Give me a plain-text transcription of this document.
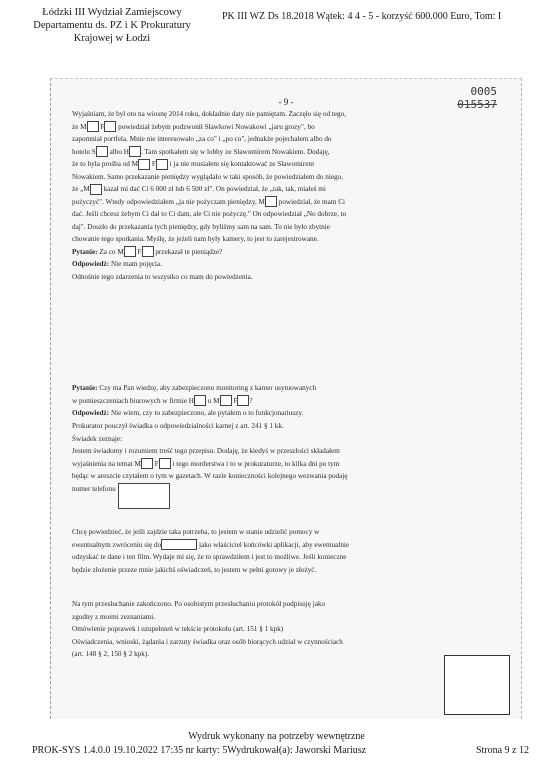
Łódzki III Wydział Zamiejscowy
Departamentu ds. PZ i K Prokuratury
Krajowej w Łodzi
PK III WZ Ds 18.2018 Wątek: 4 4 - 5 - korzyść 600.000 Euro, Tom: I
0005
015537
- 9 -

Wyjaśniam, że był oto na wiosnę 2014 roku, dokładnie daty nie pamiętam. Zaczęło się od tego,

że M F powiedział żebym podzwonił Sławkowi Nowakowi „jaru grozy", bo

zapomniał portfela. Mnie nie interesowało „za co" i „po co", jednakże pojechałem albo do

hotelu S albo H . Tam spotkałem się w lobby ze Sławomirem Nowakiem. Dodaję,

że to była prośba od M F i ja nie musiałem się kontaktować ze Sławomirem

Nowakiem. Samo przekazanie pieniędzy wyglądało w taki sposób, że powiedziałem do niego,

że „M kazał mi dać Ci 6 000 zł lub 6 500 zł". On powiedział, że „tak, tak, miałeś mi

pożyczyć". Wtedy odpowiedziałem „ja nie pożyczam pieniędzy, M powiedział, że mam Ci

dać. Jeśli chcesz żebym Ci dał to Ci dam, ale Ci nie pożyczę." On odpowiedział „No dobrze, to

daj". Doszło do przekazania tych pieniędzy, gdy byliśmy sam na sam. To nie było zbytnie

chowanie tego spotkania. Myślę, że jeżeli nam były kamery, to jest to zarejestrowane.

Pytanie: Za co M F przekazał te pieniądze?

Odpowiedź: Nie mam pojęcia.

Odnośnie tego zdarzenia to wszystko co mam do powiedzenia.

Pytanie: Czy ma Pan wiedzę, aby zabezpieczono monitoring z kamer usytuowanych

w pomieszczeniach biurowych w firmie H u M F ?

Odpowiedź: Nie wiem, czy to zabezpieczono, ale pytałem o to funkcjonariuszy.

Prokurator pouczył świadka o odpowiedzialności karnej z art. 241 § 1 kk.

Świadek zeznaje:

Jestem świadomy i rozumiem treść tego przepisu. Dodaję, że kiedyś w przeszłości składałem

wyjaśnienia na temat M F i tego morderstwa i to w prokuraturze, to kilka dni po tym

będąc w areszcie czytałem o tym w gazetach. W razie konieczności kolejnego wezwania podaję

numer telefonu

Chcę powiedzieć, że jeśli zajdzie taka potrzeba, to jestem w stanie udzielić pomocy w

ewentualnym zwróceniu się do	jako właściciel końcówki aplikacji, aby ewentualnie

odzyskać te dane i ten film. Wydaje mi się, że to sprawdziłem i jest to możliwe. Jeśli konieczne

będzie złożenie przeze mnie jakichś oświadczeń, to jestem w pełni gotowy je złożyć.

Na tym przesłuchanie zakończono. Po osobistym przesłuchaniu protokół podpisuję jako

zgodny z moimi zeznaniami.

Omówienie poprawek i uzupełnień w tekście protokołu (art. 151 § 1 kpk)

Oświadczenia, wnioski, żądania i zarzuty świadka oraz osób biorących udział w czynnościach

(art. 148 § 2, 150 § 2 kpk).

Wydruk wykonany na potrzeby wewnętrzne
PROK-SYS 1.4.0.0 19.10.2022 17:35 nr karty: 5Wydrukował(a): Jaworski Mariusz	Strona 9 z 12
